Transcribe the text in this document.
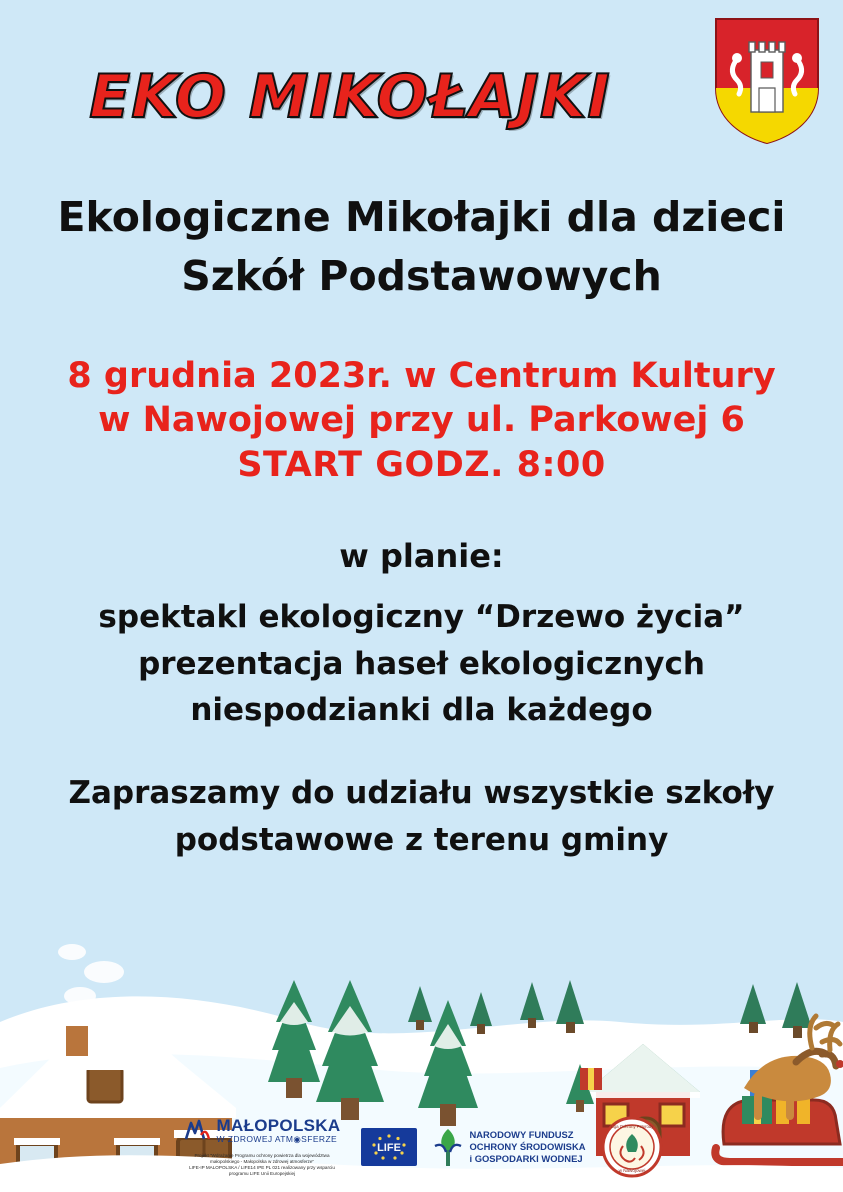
EKO MIKOŁAJKI
Ekologiczne Mikołajki dla dzieci
Szkół Podstawowych
8 grudnia 2023r. w Centrum Kultury
w Nawojowej przy ul. Parkowej 6
START GODZ. 8:00
w planie:
spektakl ekologiczny “Drzewo życia”
prezentacja haseł ekologicznych
niespodzianki dla każdego
Zapraszamy do udziału wszystkie szkoły
podstawowe z terenu gminy
MAŁOPOLSKA
W ZDROWEJ ATM◉SFERZE
Projekt “Wdrażanie Programu ochrony powietrza dla województwa małopolskiego - Małopolska w zdrowej atmosferze”
LIFE-IP MALOPOLSKA / LIFE14 IPE PL 021 realizowany przy wsparciu programu LIFE Unii Europejskiej
LIFE
NARODOWY FUNDUSZ
OCHRONY ŚRODOWISKA
i GOSPODARKI WODNEJ
Liga Ochrony Przyrody
w Nawojowej
